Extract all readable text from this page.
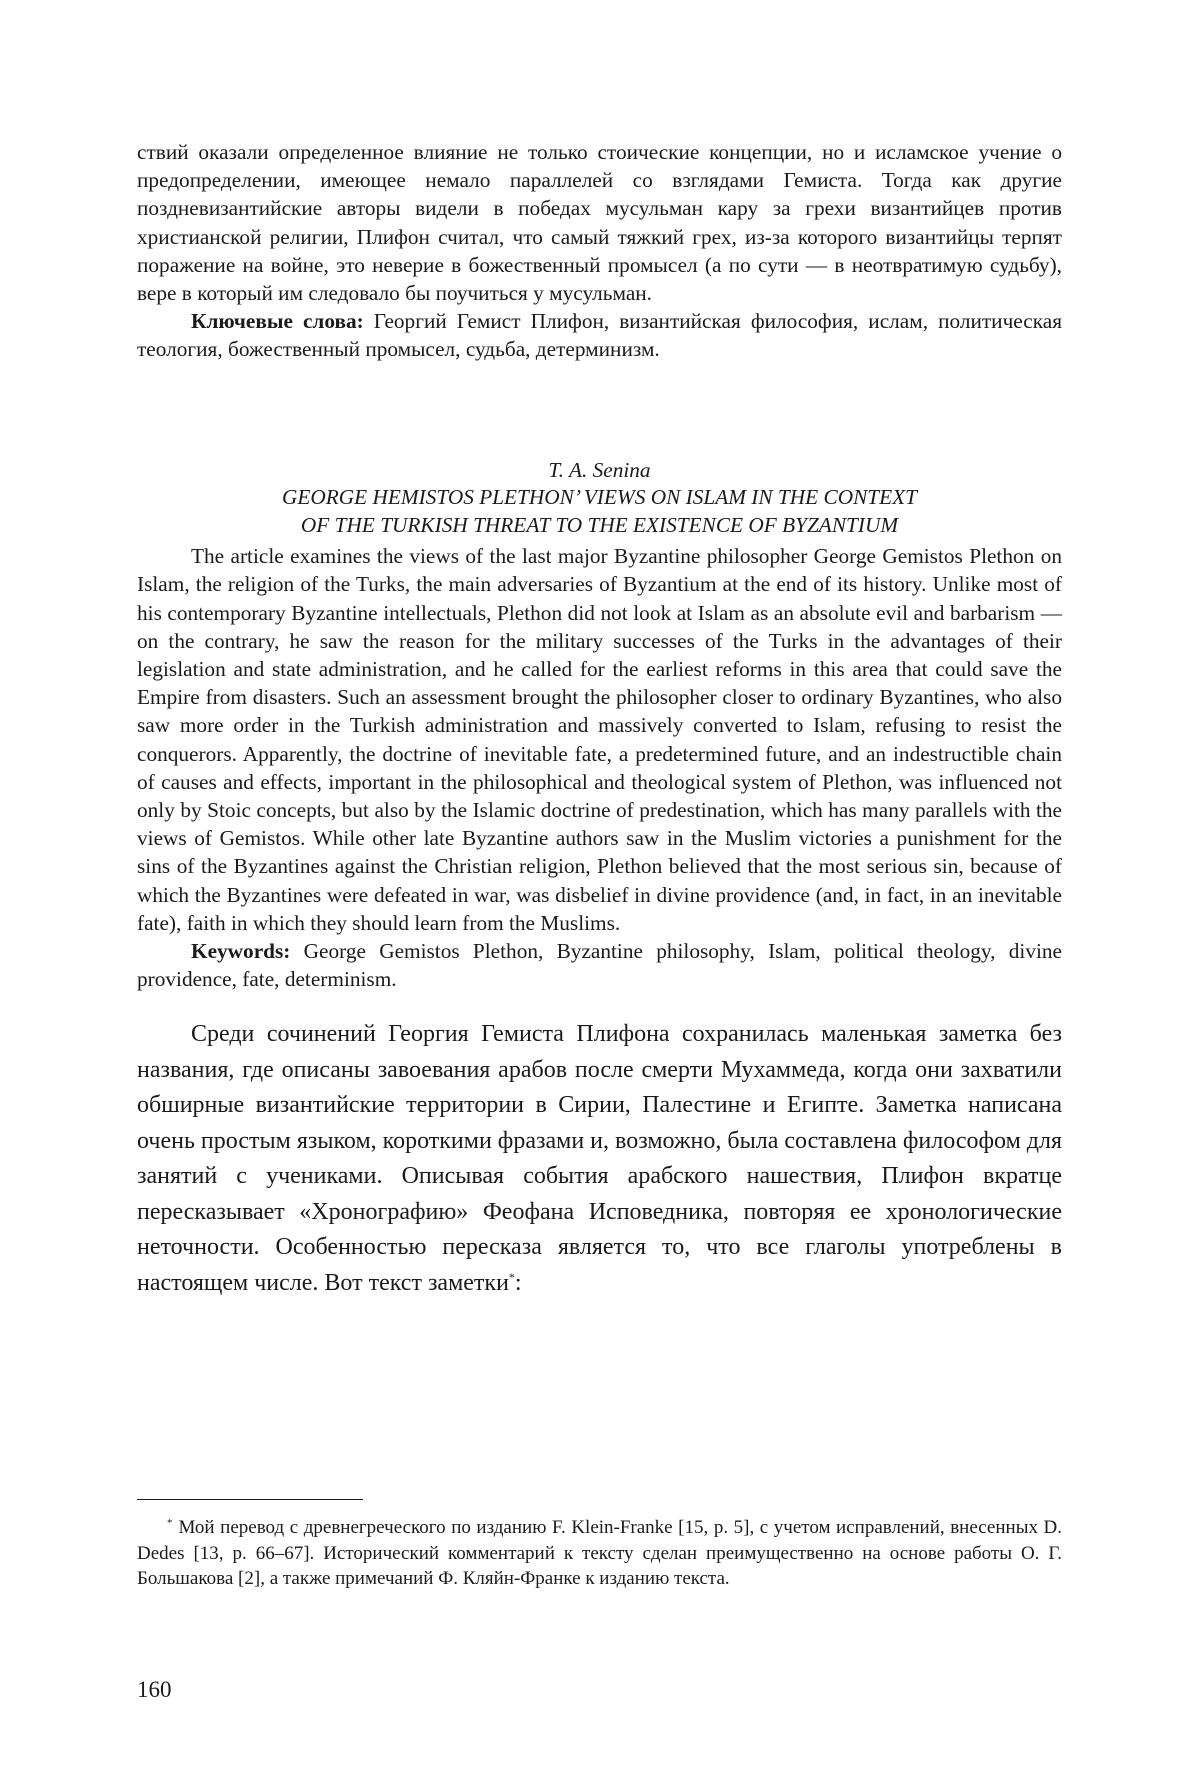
ствий оказали определенное влияние не только стоические концепции, но и исламское учение о предопределении, имеющее немало параллелей со взглядами Гемиста. Тогда как другие поздневизантийские авторы видели в победах мусульман кару за грехи византийцев против христианской религии, Плифон считал, что самый тяжкий грех, из-за которого византийцы терпят поражение на войне, это неверие в божественный промысел (а по сути — в неотвратимую судьбу), вере в который им следовало бы поучиться у мусульман.

Ключевые слова: Георгий Гемист Плифон, византийская философия, ислам, политическая теология, божественный промысел, судьба, детерминизм.

T. A. Senina

GEORGE HEMISTOS PLETHON’ VIEWS ON ISLAM IN THE CONTEXT

OF THE TURKISH THREAT TO THE EXISTENCE OF BYZANTIUM

The article examines the views of the last major Byzantine philosopher George Gemistos Plethon on Islam, the religion of the Turks, the main adversaries of Byzantium at the end of its history. Unlike most of his contemporary Byzantine intellectuals, Plethon did not look at Islam as an absolute evil and barbarism — on the contrary, he saw the reason for the military successes of the Turks in the advantages of their legislation and state administration, and he called for the earliest reforms in this area that could save the Empire from disasters. Such an assessment brought the philosopher closer to ordinary Byzantines, who also saw more order in the Turkish administration and massively converted to Islam, refusing to resist the conquerors. Apparently, the doctrine of inevitable fate, a predetermined future, and an indestructible chain of causes and effects, important in the philosophical and theological system of Plethon, was influenced not only by Stoic concepts, but also by the Islamic doctrine of predestination, which has many parallels with the views of Gemistos. While other late Byzantine authors saw in the Muslim victories a punishment for the sins of the Byzantines against the Christian religion, Plethon believed that the most serious sin, because of which the Byzantines were defeated in war, was disbelief in divine providence (and, in fact, in an inevitable fate), faith in which they should learn from the Muslims.

Keywords: George Gemistos Plethon, Byzantine philosophy, Islam, political theology, divine providence, fate, determinism.

Среди сочинений Георгия Гемиста Плифона сохранилась маленькая заметка без названия, где описаны завоевания арабов после смерти Мухаммеда, когда они захватили обширные византийские территории в Сирии, Палестине и Египте. Заметка написана очень простым языком, короткими фразами и, возможно, была составлена философом для занятий с учениками. Описывая события арабского нашествия, Плифон вкратце пересказывает «Хронографию» Феофана Исповедника, повторяя ее хронологические неточности. Особенностью пересказа является то, что все глаголы употреблены в настоящем числе. Вот текст заметки*:

* Мой перевод с древнегреческого по изданию F. Klein-Franke [15, p. 5], с учетом исправлений, внесенных D. Dedes [13, p. 66–67]. Исторический комментарий к тексту сделан преимущественно на основе работы О. Г. Большакова [2], а также примечаний Ф. Кляйн-Франке к изданию текста.

160
